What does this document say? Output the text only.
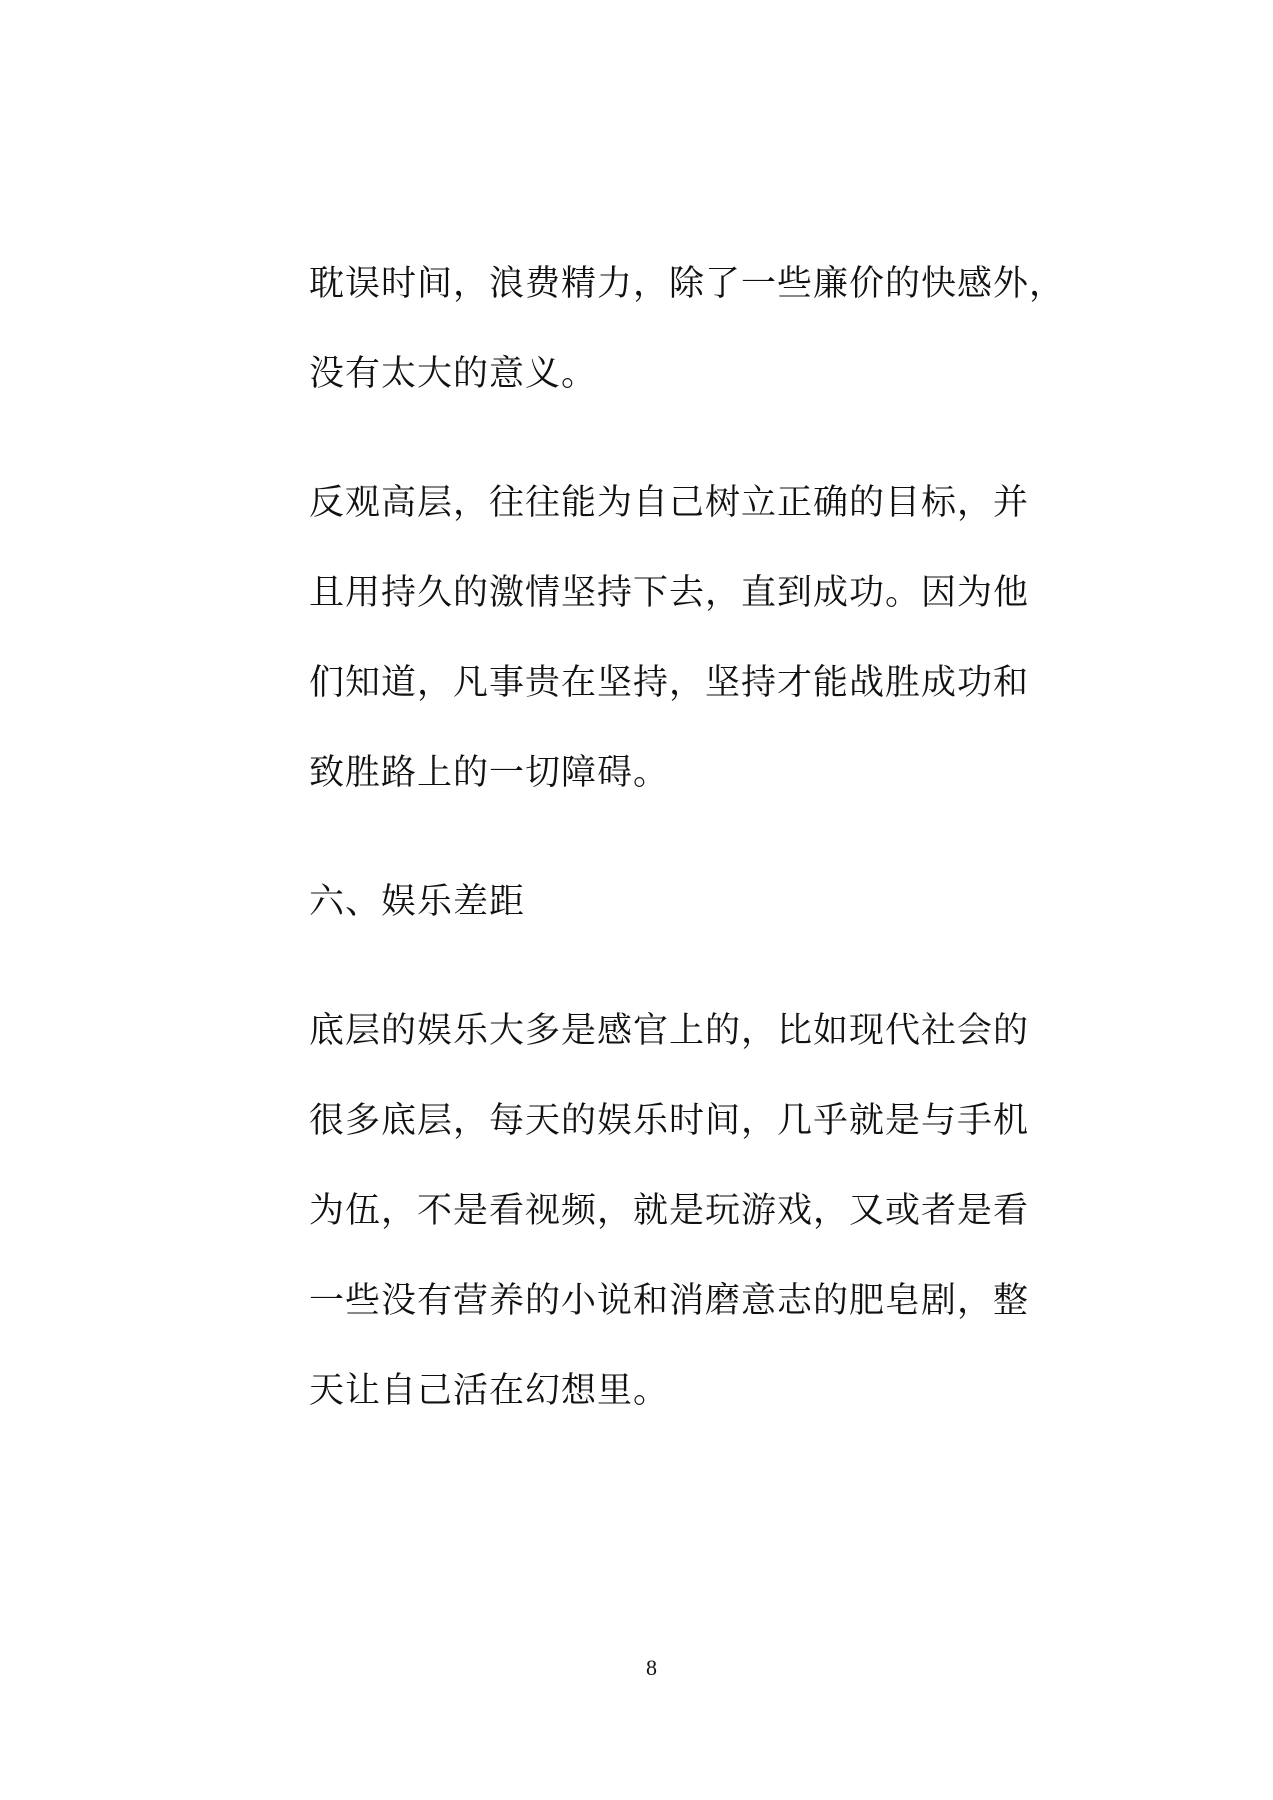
耽误时间，浪费精力，除了一些廉价的快感外，
没有太大的意义。
反观高层，往往能为自己树立正确的目标，并
且用持久的激情坚持下去，直到成功。因为他
们知道，凡事贵在坚持，坚持才能战胜成功和
致胜路上的一切障碍。
六、娱乐差距
底层的娱乐大多是感官上的，比如现代社会的
很多底层，每天的娱乐时间，几乎就是与手机
为伍，不是看视频，就是玩游戏，又或者是看
一些没有营养的小说和消磨意志的肥皂剧，整
天让自己活在幻想里。
8
